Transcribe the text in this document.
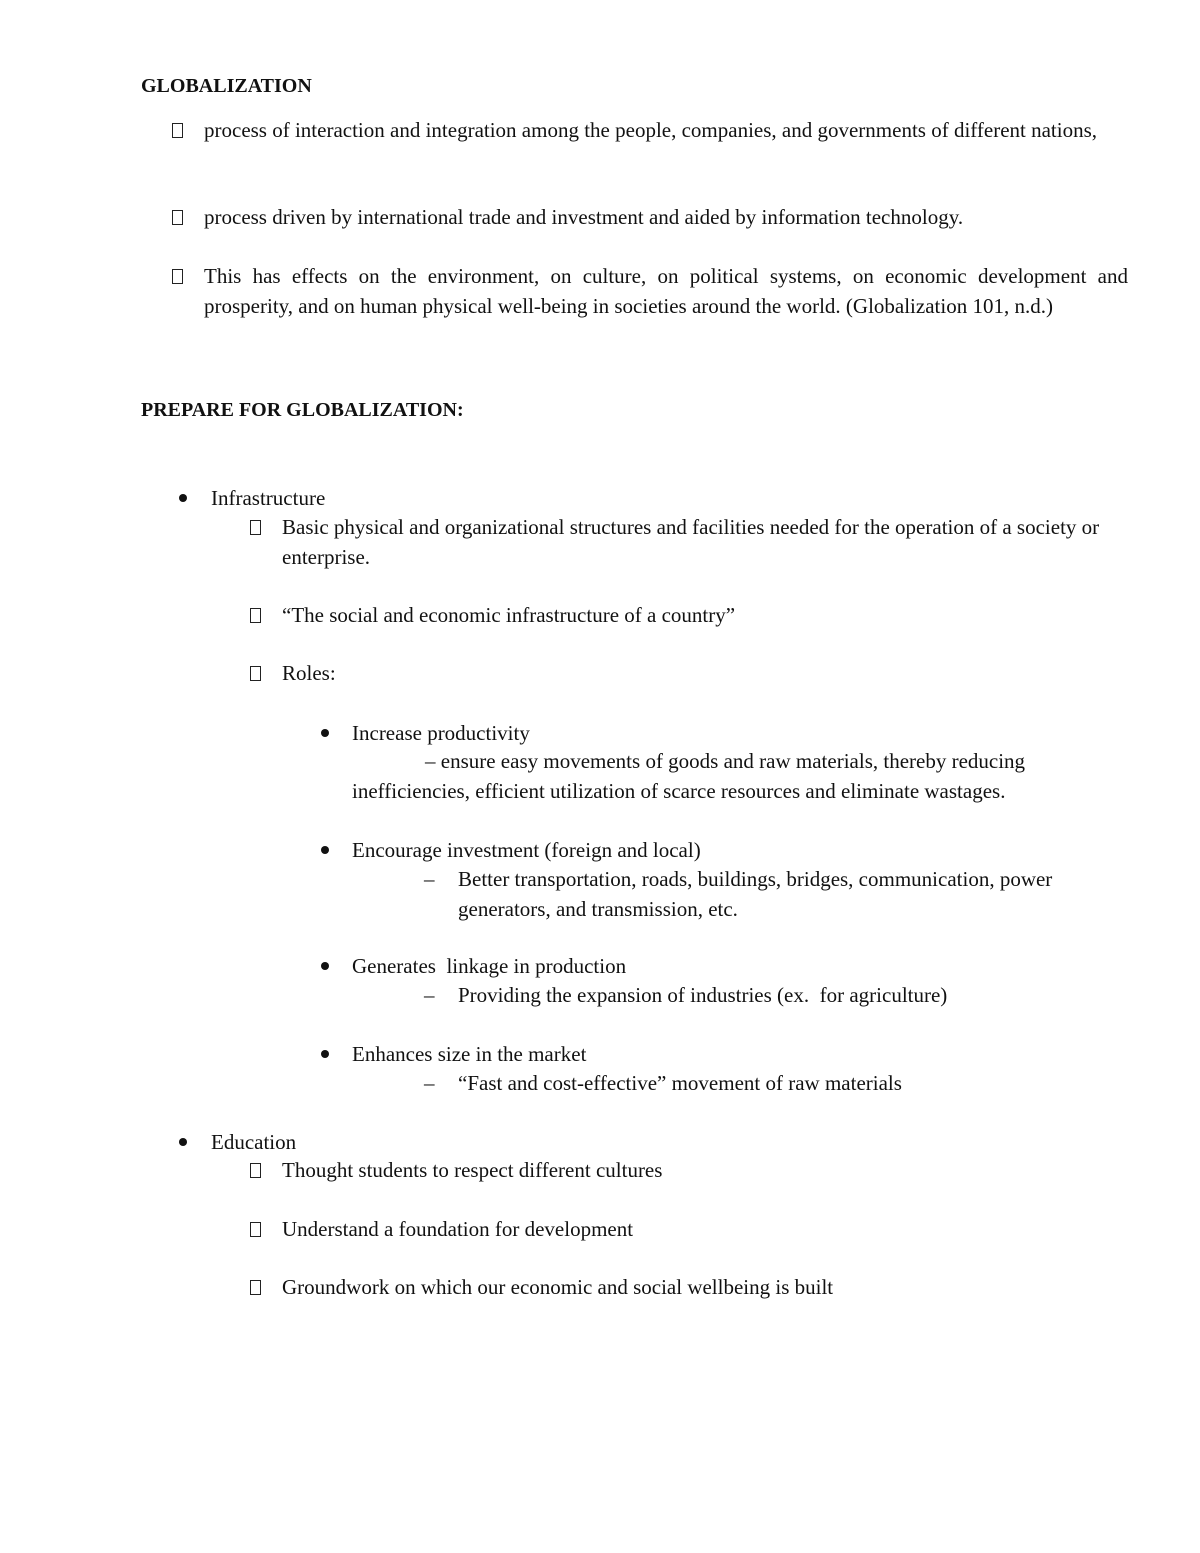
GLOBALIZATION
process of interaction and integration among the people, companies, and governments of different nations,
process driven by international trade and investment and aided by information technology.
This has effects on the environment, on culture, on political systems, on economic development and prosperity, and on human physical well-being in societies around the world. (Globalization 101, n.d.)
PREPARE FOR GLOBALIZATION:
Infrastructure
Basic physical and organizational structures and facilities needed for the operation of a society or enterprise.
“The social and economic infrastructure of a country”
Roles:
Increase productivity
– ensure easy movements of goods and raw materials, thereby reducing
inefficiencies, efficient utilization of scarce resources and eliminate wastages.
Encourage investment (foreign and local)
– Better transportation, roads, buildings, bridges, communication, power generators, and transmission, etc.
Generates  linkage in production
– Providing the expansion of industries (ex.  for agriculture)
Enhances size in the market
– “Fast and cost-effective” movement of raw materials
Education
Thought students to respect different cultures
Understand a foundation for development
Groundwork on which our economic and social wellbeing is built
